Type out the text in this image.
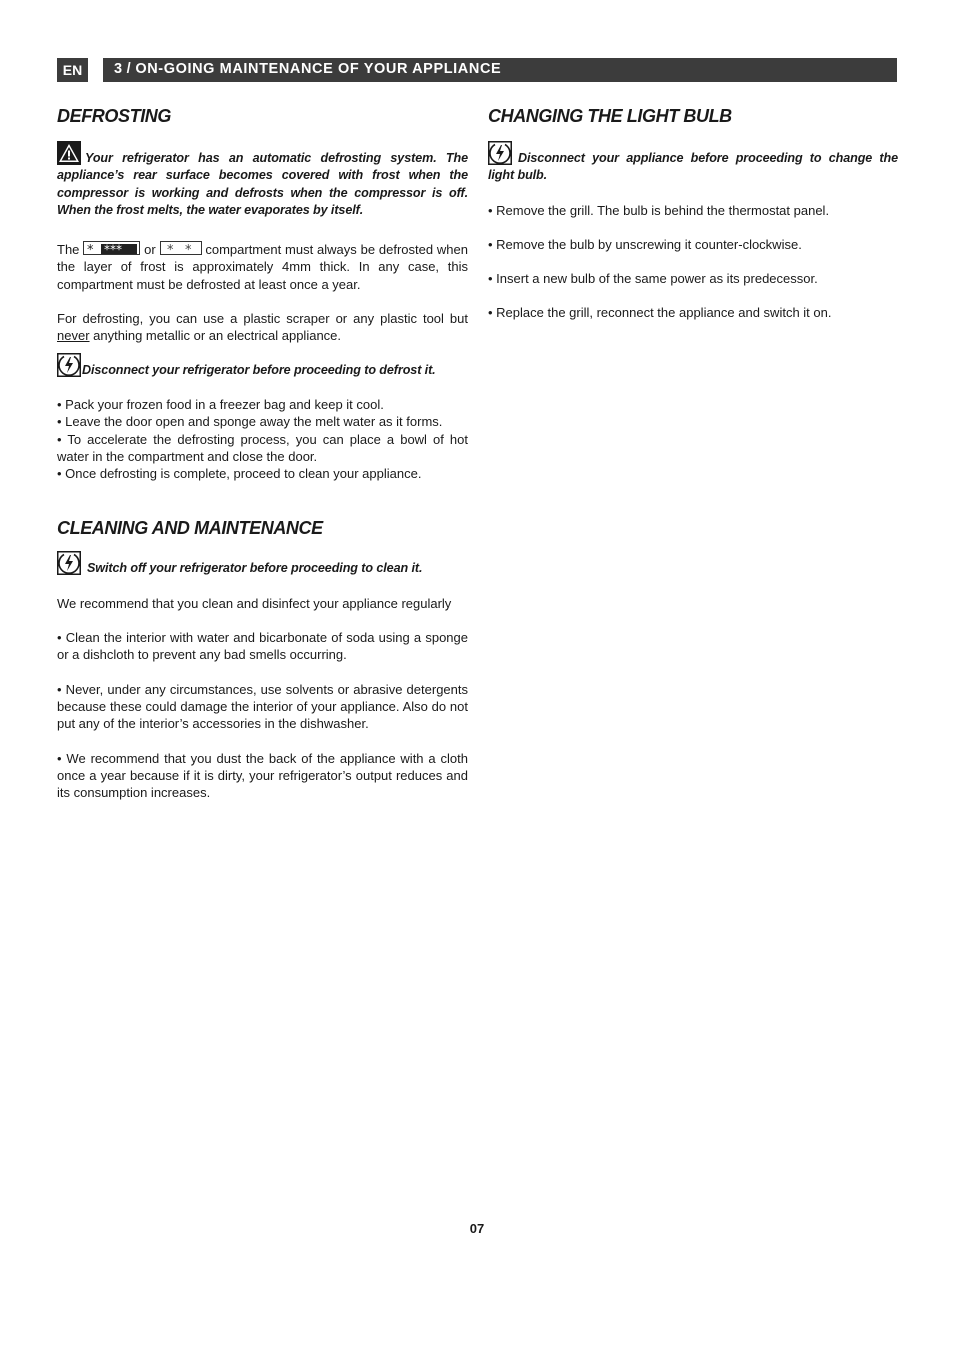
EN	3 / ON-GOING MAINTENANCE OF YOUR APPLIANCE
DEFROSTING

Your refrigerator has an automatic defrosting system. The appliance’s rear surface becomes covered with frost when the compressor is working and defrosts when the compressor is off. When the frost melts, the water evaporates by itself.

The * *** or * * compartment must always be defrosted when the layer of frost is approximately 4mm thick. In any case, this compartment must be defrosted at least once a year.

For defrosting, you can use a plastic scraper or any plastic tool but never anything metallic or an electrical appliance.

Disconnect your refrigerator before proceeding to defrost it.

• Pack your frozen food in a freezer bag and keep it cool.

• Leave the door open and sponge away the melt water as it forms.

• To accelerate the defrosting process, you can place a bowl of hot water in the compartment and close the door.

• Once defrosting is complete, proceed to clean your appliance.

CLEANING AND MAINTENANCE

Switch off your refrigerator before proceeding to clean it.

We recommend that you clean and disinfect your appliance regularly

• Clean the interior with water and bicarbonate of soda using a sponge or a dishcloth to prevent any bad smells occurring.

• Never, under any circumstances, use solvents or abrasive detergents because these could damage the interior of your appliance. Also do not put any of the interior’s accessories in the dishwasher.

• We recommend that you dust the back of the appliance with a cloth once a year because if it is dirty, your refrigerator’s output reduces and its consumption increases.

CHANGING THE LIGHT BULB

Disconnect your appliance before proceeding to change the light bulb.

• Remove the grill. The bulb is behind the thermostat panel.

• Remove the bulb by unscrewing it counter-clockwise.

• Insert a new bulb of the same power as its predecessor.

• Replace the grill, reconnect the appliance and switch it on.

07
